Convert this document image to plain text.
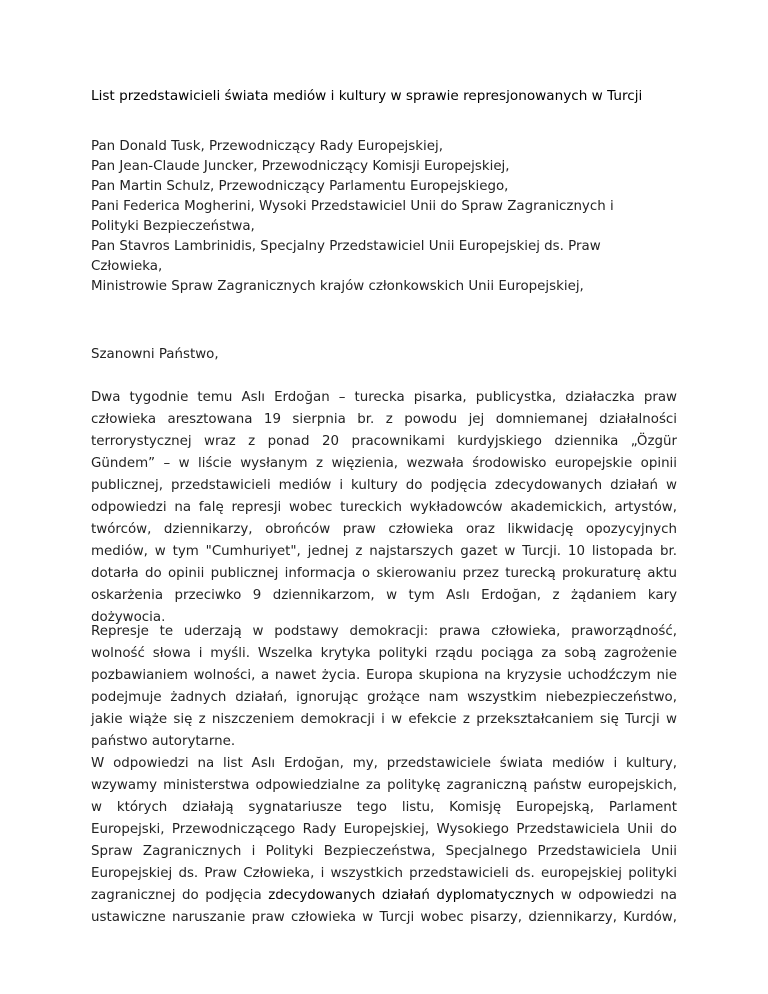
List przedstawicieli świata mediów i kultury w sprawie represjonowanych w Turcji
Pan Donald Tusk, Przewodniczący Rady Europejskiej,
Pan Jean-Claude Juncker, Przewodniczący Komisji Europejskiej,
Pan Martin Schulz, Przewodniczący Parlamentu Europejskiego,
Pani Federica Mogherini, Wysoki Przedstawiciel Unii do Spraw Zagranicznych i
Polityki Bezpieczeństwa,
Pan Stavros Lambrinidis, Specjalny Przedstawiciel Unii Europejskiej ds. Praw
Człowieka,
Ministrowie Spraw Zagranicznych krajów członkowskich Unii Europejskiej,
Szanowni Państwo,
Dwa tygodnie temu Aslı Erdoğan – turecka pisarka, publicystka, działaczka praw
człowieka aresztowana 19 sierpnia br. z powodu jej domniemanej działalności
terrorystycznej wraz z ponad 20 pracownikami kurdyjskiego dziennika „Özgür
Gündem” – w liście wysłanym z więzienia, wezwała środowisko europejskie opinii
publicznej, przedstawicieli mediów i kultury do podjęcia zdecydowanych działań w
odpowiedzi na falę represji wobec tureckich wykładowców akademickich, artystów,
twórców, dziennikarzy, obrońców praw człowieka oraz likwidację opozycyjnych
mediów, w tym "Cumhuriyet", jednej z najstarszych gazet w Turcji. 10 listopada br.
dotarła do opinii publicznej informacja o skierowaniu przez turecką prokuraturę aktu
oskarżenia przeciwko 9 dziennikarzom, w tym Aslı Erdoğan, z żądaniem kary
dożywocia.
Represje te uderzają w podstawy demokracji: prawa człowieka, praworządność,
wolność słowa i myśli. Wszelka krytyka polityki rządu pociąga za sobą zagrożenie
pozbawianiem wolności, a nawet życia. Europa skupiona na kryzysie uchodźczym nie
podejmuje żadnych działań, ignorując grożące nam wszystkim niebezpieczeństwo,
jakie wiąże się z niszczeniem demokracji i w efekcie z przekształcaniem się Turcji w
państwo autorytarne.
W odpowiedzi na list Aslı Erdoğan, my, przedstawiciele świata mediów i kultury,
wzywamy ministerstwa odpowiedzialne za politykę zagraniczną państw europejskich,
w których działają sygnatariusze tego listu, Komisję Europejską, Parlament
Europejski, Przewodniczącego Rady Europejskiej, Wysokiego Przedstawiciela Unii do
Spraw Zagranicznych i Polityki Bezpieczeństwa, Specjalnego Przedstawiciela Unii
Europejskiej ds. Praw Człowieka, i wszystkich przedstawicieli ds. europejskiej polityki
zagranicznej do podjęcia zdecydowanych działań dyplomatycznych w odpowiedzi na
ustawiczne naruszanie praw człowieka w Turcji wobec pisarzy, dziennikarzy, Kurdów,
